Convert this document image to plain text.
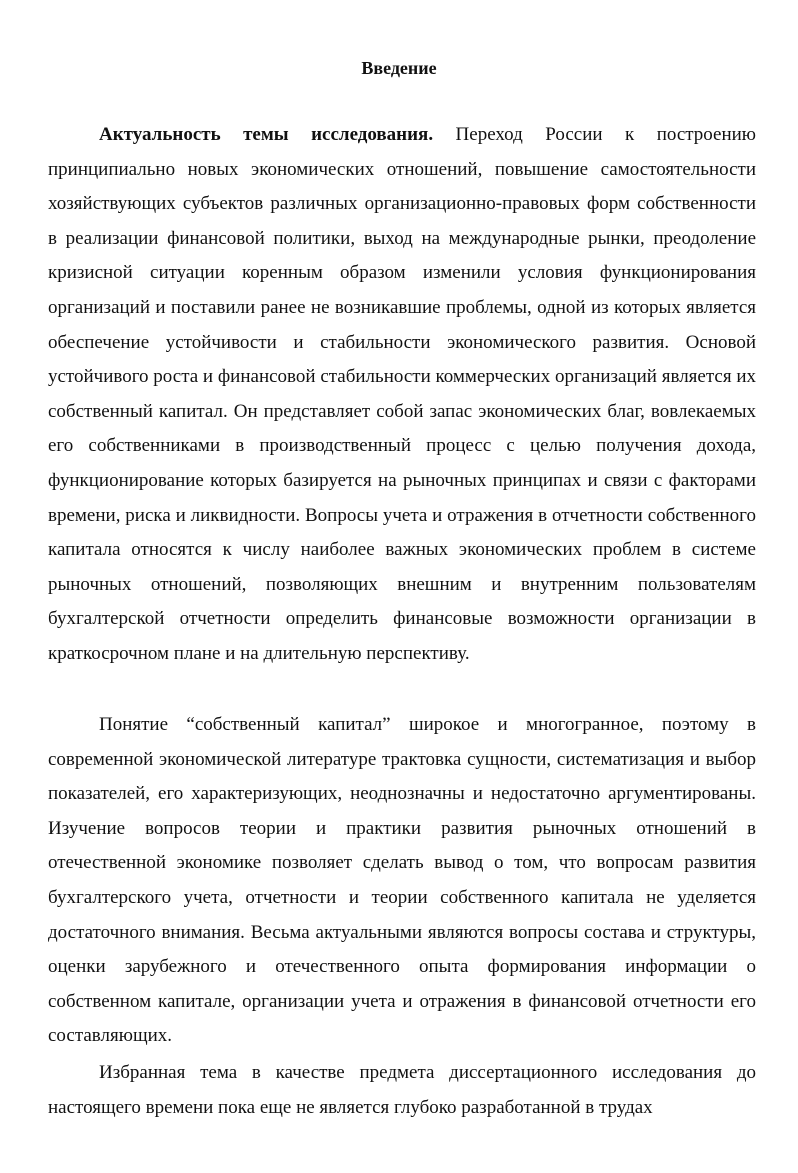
Введение

Актуальность темы исследования. Переход России к построению принципиально новых экономических отношений, повышение самостоятельности хозяйствующих субъектов различных организационно-правовых форм собственности в реализации финансовой политики, выход на международные рынки, преодоление кризисной ситуации коренным образом изменили условия функционирования организаций и поставили ранее не возникавшие проблемы, одной из которых является обеспечение устойчивости и стабильности экономического развития. Основой устойчивого роста и финансовой стабильности коммерческих организаций является их собственный капитал. Он представляет собой запас экономических благ, вовлекаемых его собственниками в производственный процесс с целью получения дохода, функционирование которых базируется на рыночных принципах и связи с факторами времени, риска и ликвидности. Вопросы учета и отражения в отчетности собственного капитала относятся к числу наиболее важных экономических проблем в системе рыночных отношений, позволяющих внешним и внутренним пользователям бухгалтерской отчетности определить финансовые возможности организации в краткосрочном плане и на длительную перспективу.

Понятие “собственный капитал” широкое и многогранное, поэтому в современной экономической литературе трактовка сущности, систематизация и выбор показателей, его характеризующих, неоднозначны и недостаточно аргументированы. Изучение вопросов теории и практики развития рыночных отношений в отечественной экономике позволяет сделать вывод о том, что вопросам развития бухгалтерского учета, отчетности и теории собственного капитала не уделяется достаточного внимания. Весьма актуальными являются вопросы состава и структуры, оценки зарубежного и отечественного опыта формирования информации о собственном капитале, организации учета и отражения в финансовой отчетности его составляющих.

Избранная тема в качестве предмета диссертационного исследования до настоящего времени пока еще не является глубоко разработанной в трудах
